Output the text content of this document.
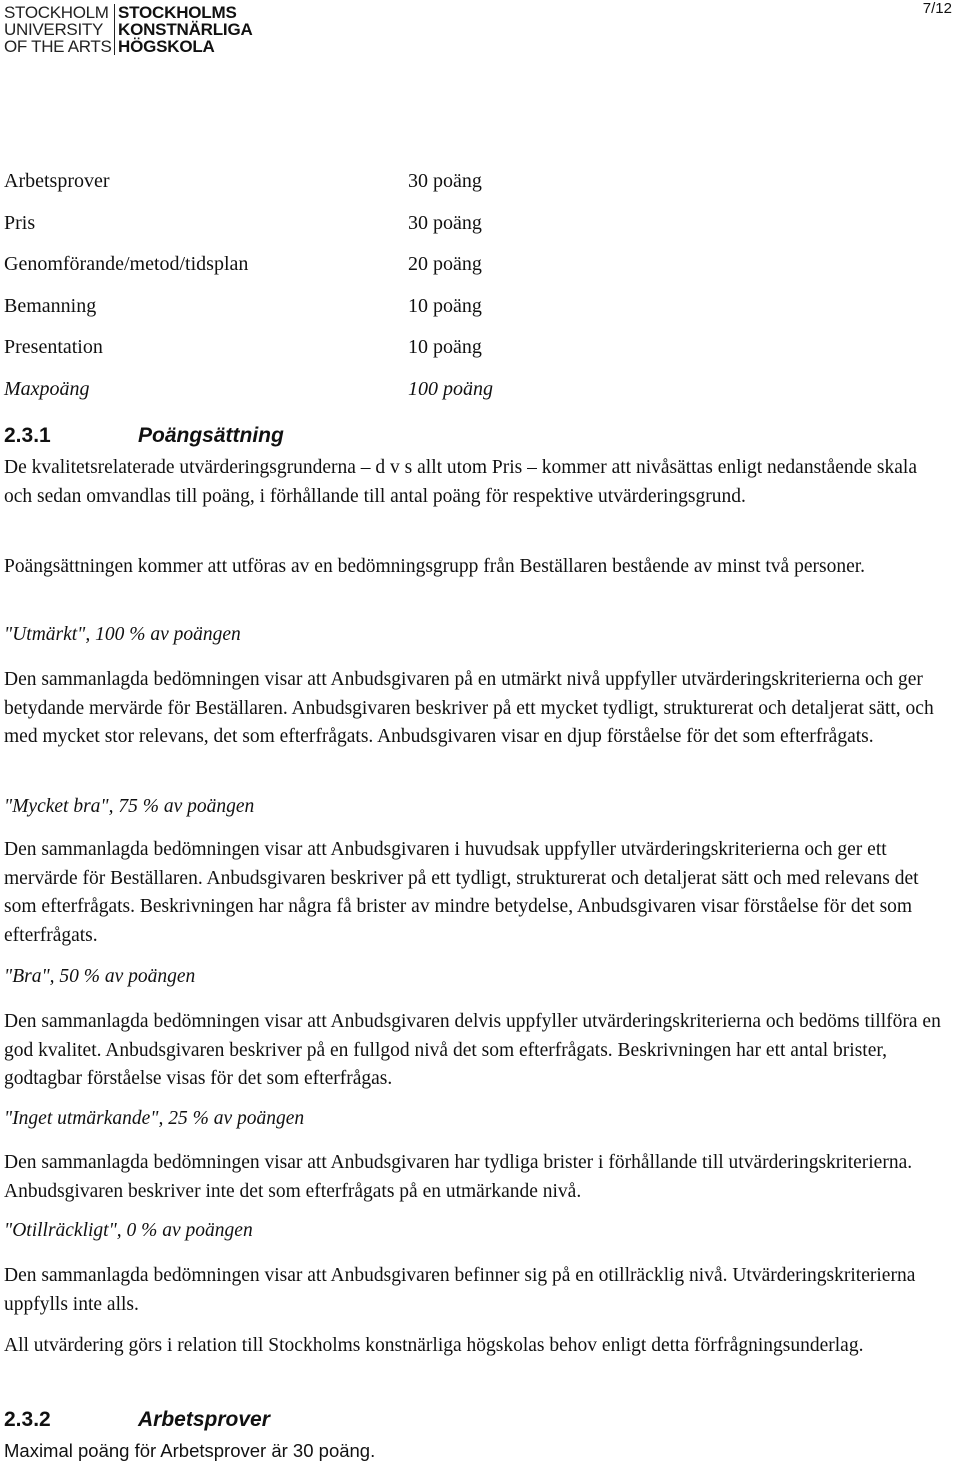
STOCKHOLM STOCKHOLMS
UNIVERSITY KONSTNÄRLIGA
OF THE ARTS HÖGSKOLA
7/12
Arbetsprover	30 poäng
Pris	30 poäng
Genomförande/metod/tidsplan	20 poäng
Bemanning	10 poäng
Presentation	10 poäng
Maxpoäng	100 poäng
2.3.1	Poängsättning
De kvalitetsrelaterade utvärderingsgrunderna – d v s allt utom Pris – kommer att nivåsättas enligt nedanstående skala och sedan omvandlas till poäng, i förhållande till antal poäng för respektive utvärderingsgrund.
Poängsättningen kommer att utföras av en bedömningsgrupp från Beställaren bestående av minst två personer.
"Utmärkt", 100 % av poängen
Den sammanlagda bedömningen visar att Anbudsgivaren på en utmärkt nivå uppfyller utvärderingskriterierna och ger betydande mervärde för Beställaren. Anbudsgivaren beskriver på ett mycket tydligt, strukturerat och detaljerat sätt, och med mycket stor relevans, det som efterfrågats. Anbudsgivaren visar en djup förståelse för det som efterfrågats.
"Mycket bra", 75 % av poängen
Den sammanlagda bedömningen visar att Anbudsgivaren i huvudsak uppfyller utvärderingskriterierna och ger ett mervärde för Beställaren. Anbudsgivaren beskriver på ett tydligt, strukturerat och detaljerat sätt och med relevans det som efterfrågats. Beskrivningen har några få brister av mindre betydelse, Anbudsgivaren visar förståelse för det som efterfrågats.
"Bra", 50 % av poängen
Den sammanlagda bedömningen visar att Anbudsgivaren delvis uppfyller utvärderingskriterierna och bedöms tillföra en god kvalitet. Anbudsgivaren beskriver på en fullgod nivå det som efterfrågats. Beskrivningen har ett antal brister, godtagbar förståelse visas för det som efterfrågas.
"Inget utmärkande", 25 % av poängen
Den sammanlagda bedömningen visar att Anbudsgivaren har tydliga brister i förhållande till utvärderingskriterierna. Anbudsgivaren beskriver inte det som efterfrågats på en utmärkande nivå.
"Otillräckligt", 0 % av poängen
Den sammanlagda bedömningen visar att Anbudsgivaren befinner sig på en otillräcklig nivå. Utvärderingskriterierna uppfylls inte alls.
All utvärdering görs i relation till Stockholms konstnärliga högskolas behov enligt detta förfrågningsunderlag.
2.3.2	Arbetsprover
Maximal poäng för Arbetsprover är 30 poäng.
